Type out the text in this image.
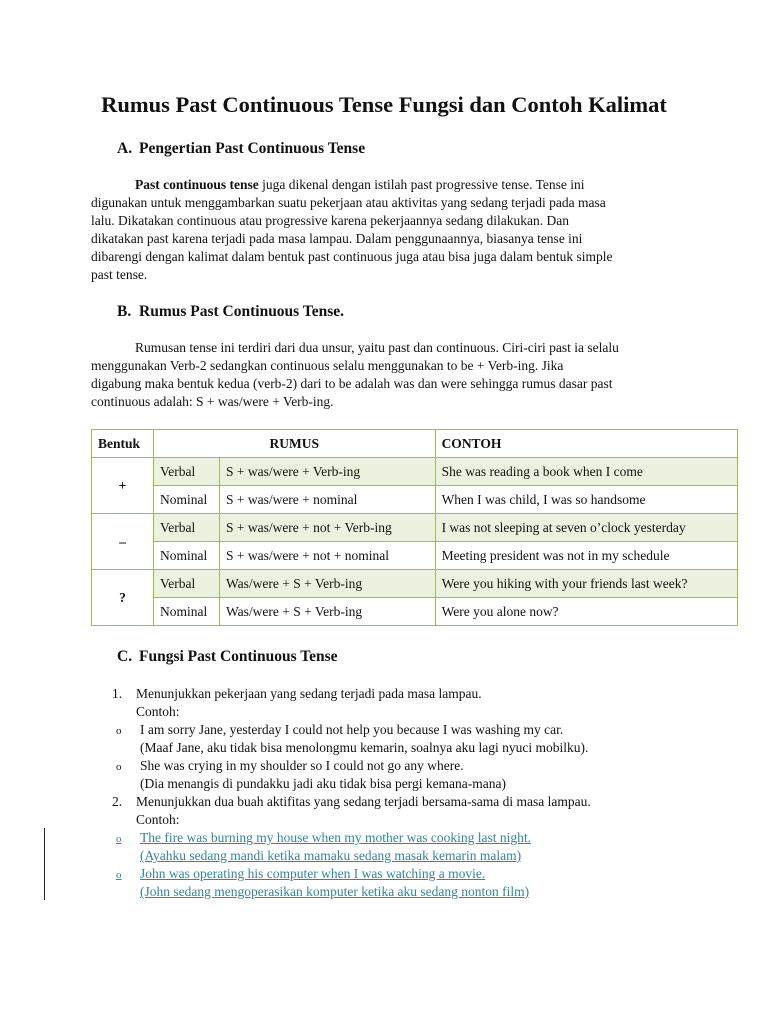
Rumus Past Continuous Tense Fungsi dan Contoh Kalimat
A. Pengertian Past Continuous Tense
Past continuous tense juga dikenal dengan istilah past progressive tense. Tense ini
digunakan untuk menggambarkan suatu pekerjaan atau aktivitas yang sedang terjadi pada masa
lalu. Dikatakan continuous atau progressive karena pekerjaannya sedang dilakukan. Dan
dikatakan past karena terjadi pada masa lampau. Dalam penggunaannya, biasanya tense ini
dibarengi dengan kalimat dalam bentuk past continuous juga atau bisa juga dalam bentuk simple
past tense.
B. Rumus Past Continuous Tense.
Rumusan tense ini terdiri dari dua unsur, yaitu past dan continuous. Ciri-ciri past ia selalu
menggunakan Verb-2 sedangkan continuous selalu menggunakan to be + Verb-ing. Jika
digabung maka bentuk kedua (verb-2) dari to be adalah was dan were sehingga rumus dasar past
continuous adalah: S + was/were + Verb-ing.
Bentuk	RUMUS		CONTOH
+	Verbal	S + was/were + Verb-ing	She was reading a book when I come
	Nominal	S + was/were + nominal	When I was child, I was so handsome
–	Verbal	S + was/were + not + Verb-ing	I was not sleeping at seven o’clock yesterday
	Nominal	S + was/were + not + nominal	Meeting president was not in my schedule
?	Verbal	Was/were + S + Verb-ing	Were you hiking with your friends last week?
	Nominal	Was/were + S + Verb-ing	Were you alone now?
C. Fungsi Past Continuous Tense
1. Menunjukkan pekerjaan yang sedang terjadi pada masa lampau.
Contoh:
o I am sorry Jane, yesterday I could not help you because I was washing my car.
(Maaf Jane, aku tidak bisa menolongmu kemarin, soalnya aku lagi nyuci mobilku).
o She was crying in my shoulder so I could not go any where.
(Dia menangis di pundakku jadi aku tidak bisa pergi kemana-mana)
2. Menunjukkan dua buah aktifitas yang sedang terjadi bersama-sama di masa lampau.
Contoh:
o The fire was burning my house when my mother was cooking last night.
(Ayahku sedang mandi ketika mamaku sedang masak kemarin malam)
o John was operating his computer when I was watching a movie.
(John sedang mengoperasikan komputer ketika aku sedang nonton film)
